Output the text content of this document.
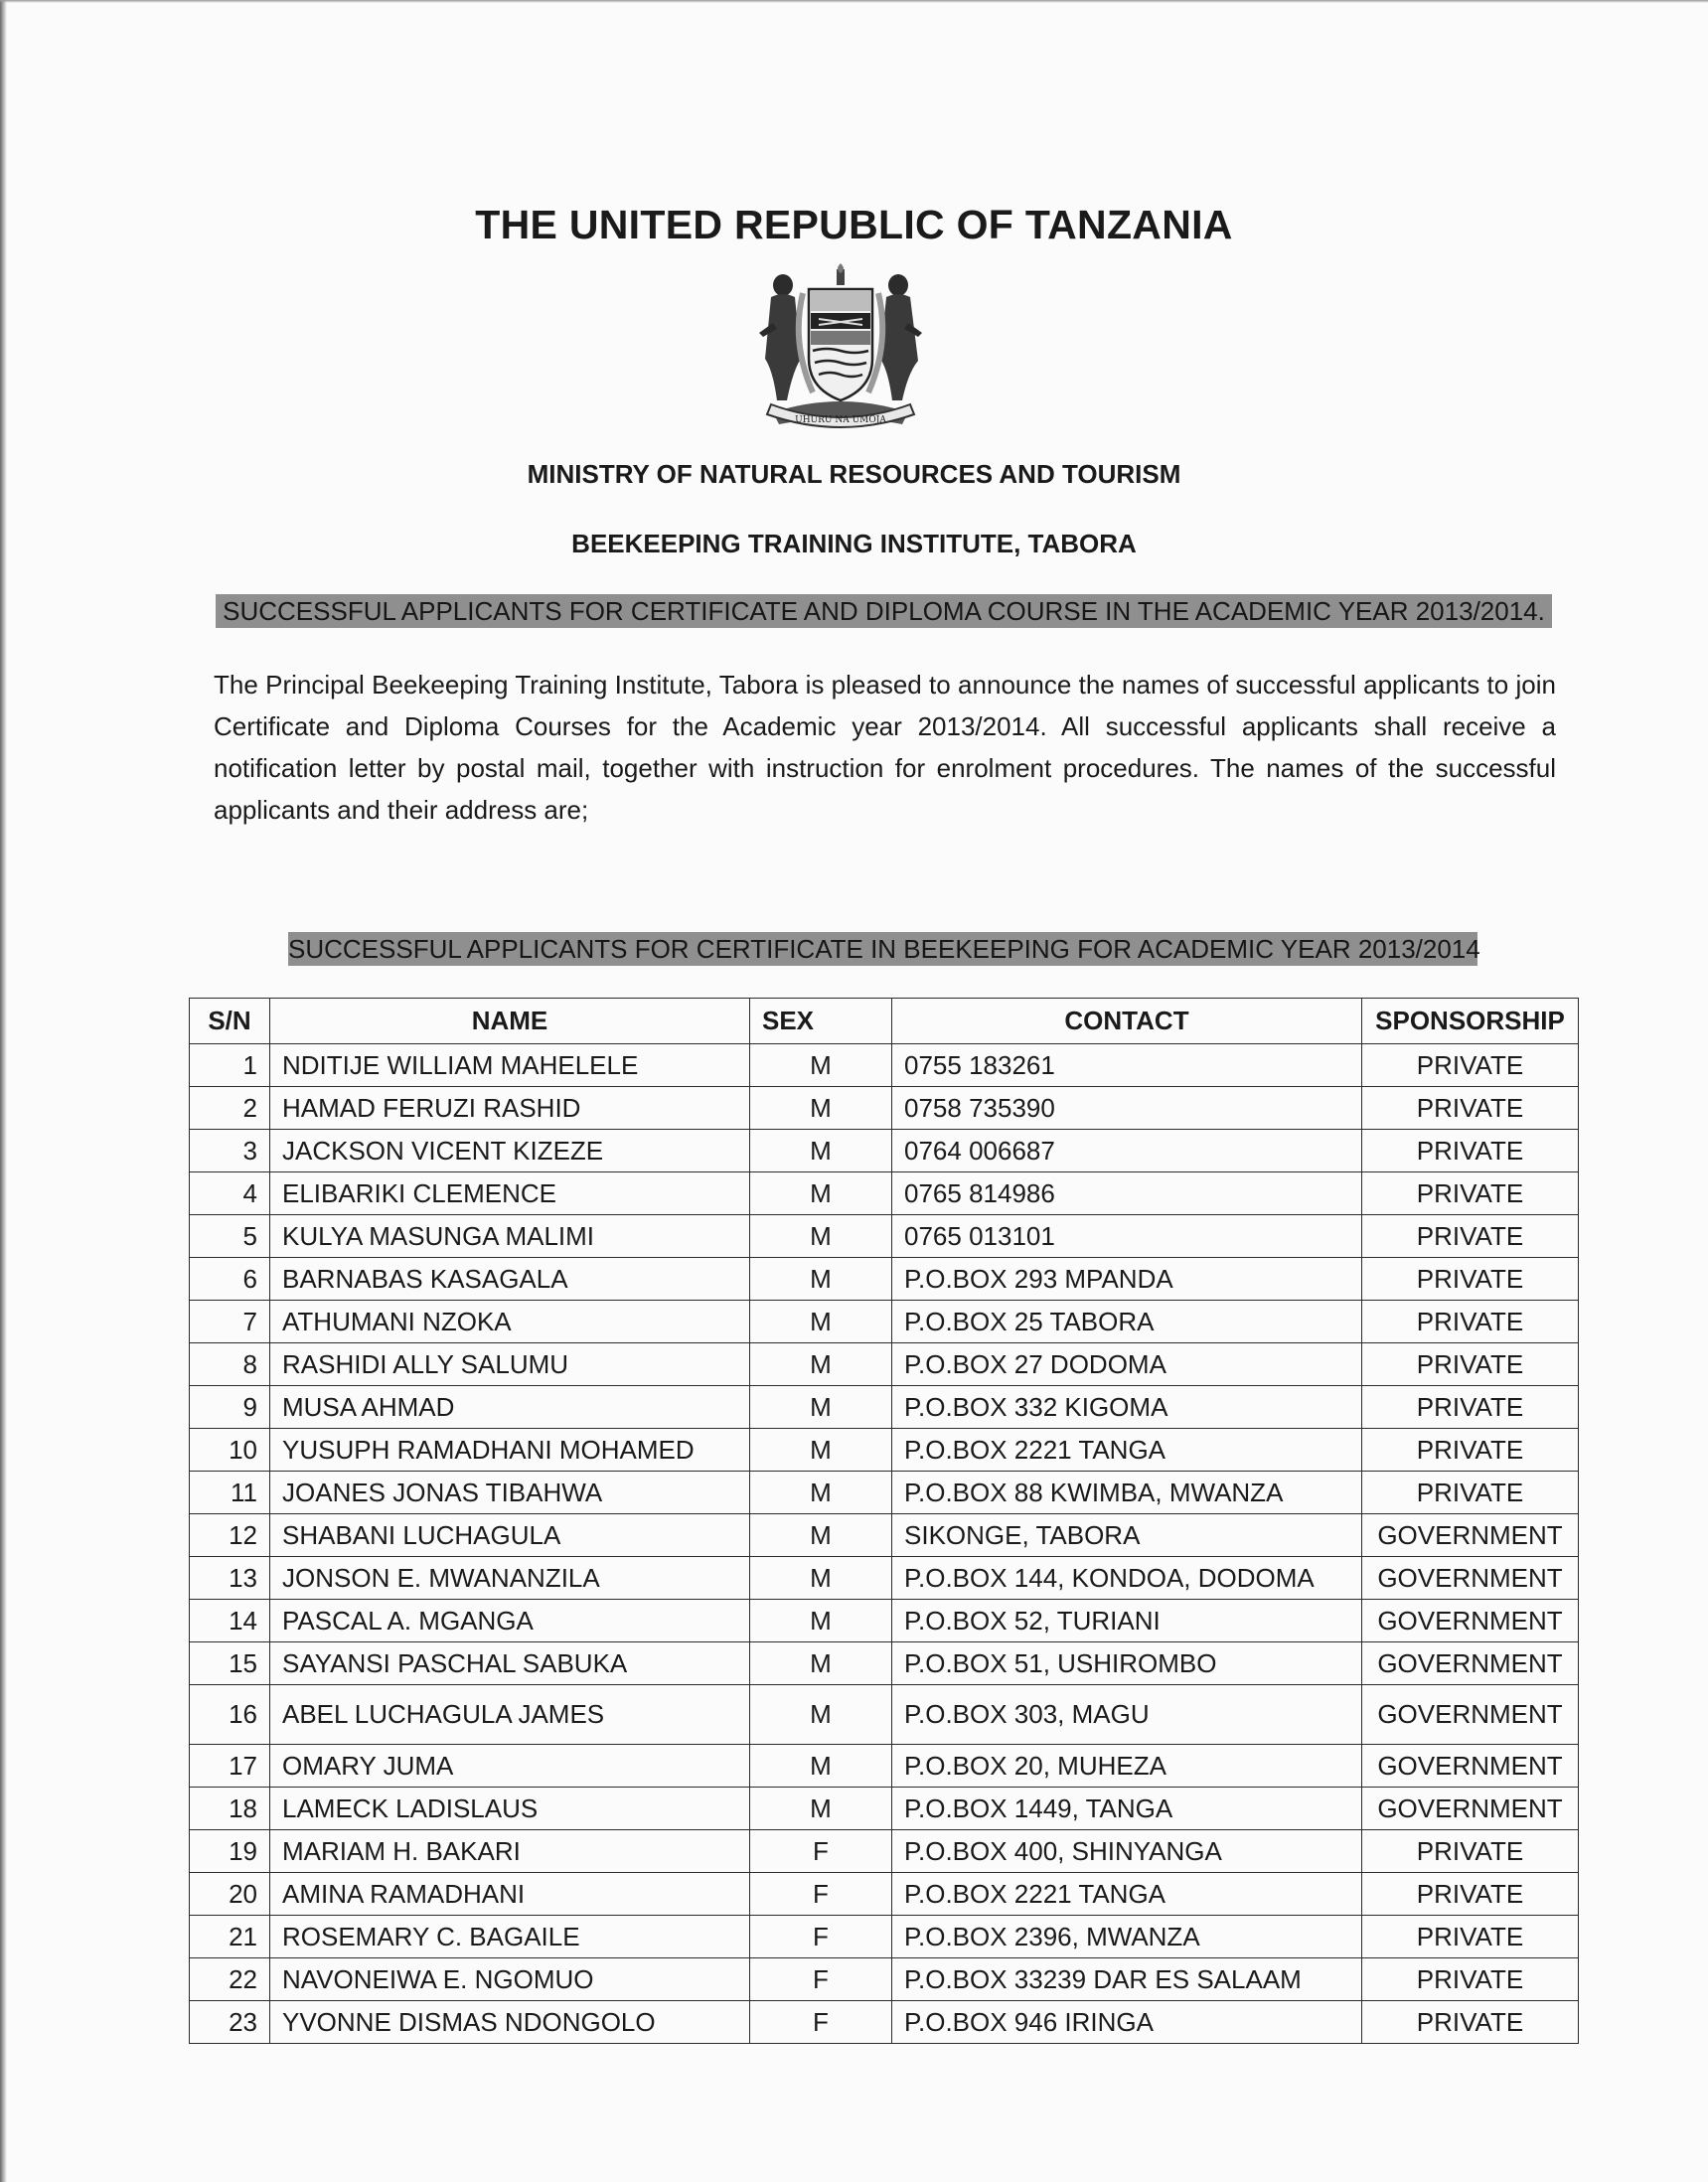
THE UNITED REPUBLIC OF TANZANIA
UHURU NA UMOJA
MINISTRY OF NATURAL RESOURCES AND TOURISM
BEEKEEPING TRAINING INSTITUTE, TABORA
SUCCESSFUL APPLICANTS FOR CERTIFICATE AND DIPLOMA COURSE IN THE ACADEMIC YEAR 2013/2014.

The Principal Beekeeping Training Institute, Tabora is pleased to announce the names of successful applicants to join Certificate and Diploma Courses for the Academic year 2013/2014. All successful applicants shall receive a notification letter by postal mail, together with instruction for enrolment procedures. The names of the successful applicants and their address are;

SUCCESSFUL APPLICANTS FOR CERTIFICATE IN BEEKEEPING FOR ACADEMIC YEAR 2013/2014
S/N	NAME	SEX	CONTACT	SPONSORSHIP
1	NDITIJE WILLIAM MAHELELE	M	0755 183261	PRIVATE
2	HAMAD FERUZI RASHID	M	0758 735390	PRIVATE
3	JACKSON VICENT KIZEZE	M	0764 006687	PRIVATE
4	ELIBARIKI CLEMENCE	M	0765 814986	PRIVATE
5	KULYA MASUNGA MALIMI	M	0765 013101	PRIVATE
6	BARNABAS KASAGALA	M	P.O.BOX 293 MPANDA	PRIVATE
7	ATHUMANI NZOKA	M	P.O.BOX 25 TABORA	PRIVATE
8	RASHIDI ALLY SALUMU	M	P.O.BOX 27 DODOMA	PRIVATE
9	MUSA AHMAD	M	P.O.BOX 332 KIGOMA	PRIVATE
10	YUSUPH RAMADHANI MOHAMED	M	P.O.BOX 2221 TANGA	PRIVATE
11	JOANES JONAS TIBAHWA	M	P.O.BOX 88 KWIMBA, MWANZA	PRIVATE
12	SHABANI LUCHAGULA	M	SIKONGE, TABORA	GOVERNMENT
13	JONSON E. MWANANZILA	M	P.O.BOX 144, KONDOA, DODOMA	GOVERNMENT
14	PASCAL A. MGANGA	M	P.O.BOX 52, TURIANI	GOVERNMENT
15	SAYANSI PASCHAL SABUKA	M	P.O.BOX 51, USHIROMBO	GOVERNMENT
16	ABEL LUCHAGULA JAMES	M	P.O.BOX 303, MAGU	GOVERNMENT
17	OMARY JUMA	M	P.O.BOX 20, MUHEZA	GOVERNMENT
18	LAMECK LADISLAUS	M	P.O.BOX 1449, TANGA	GOVERNMENT
19	MARIAM H. BAKARI	F	P.O.BOX 400, SHINYANGA	PRIVATE
20	AMINA RAMADHANI	F	P.O.BOX 2221 TANGA	PRIVATE
21	ROSEMARY C. BAGAILE	F	P.O.BOX 2396, MWANZA	PRIVATE
22	NAVONEIWA E. NGOMUO	F	P.O.BOX 33239 DAR ES SALAAM	PRIVATE
23	YVONNE DISMAS NDONGOLO	F	P.O.BOX 946 IRINGA	PRIVATE
